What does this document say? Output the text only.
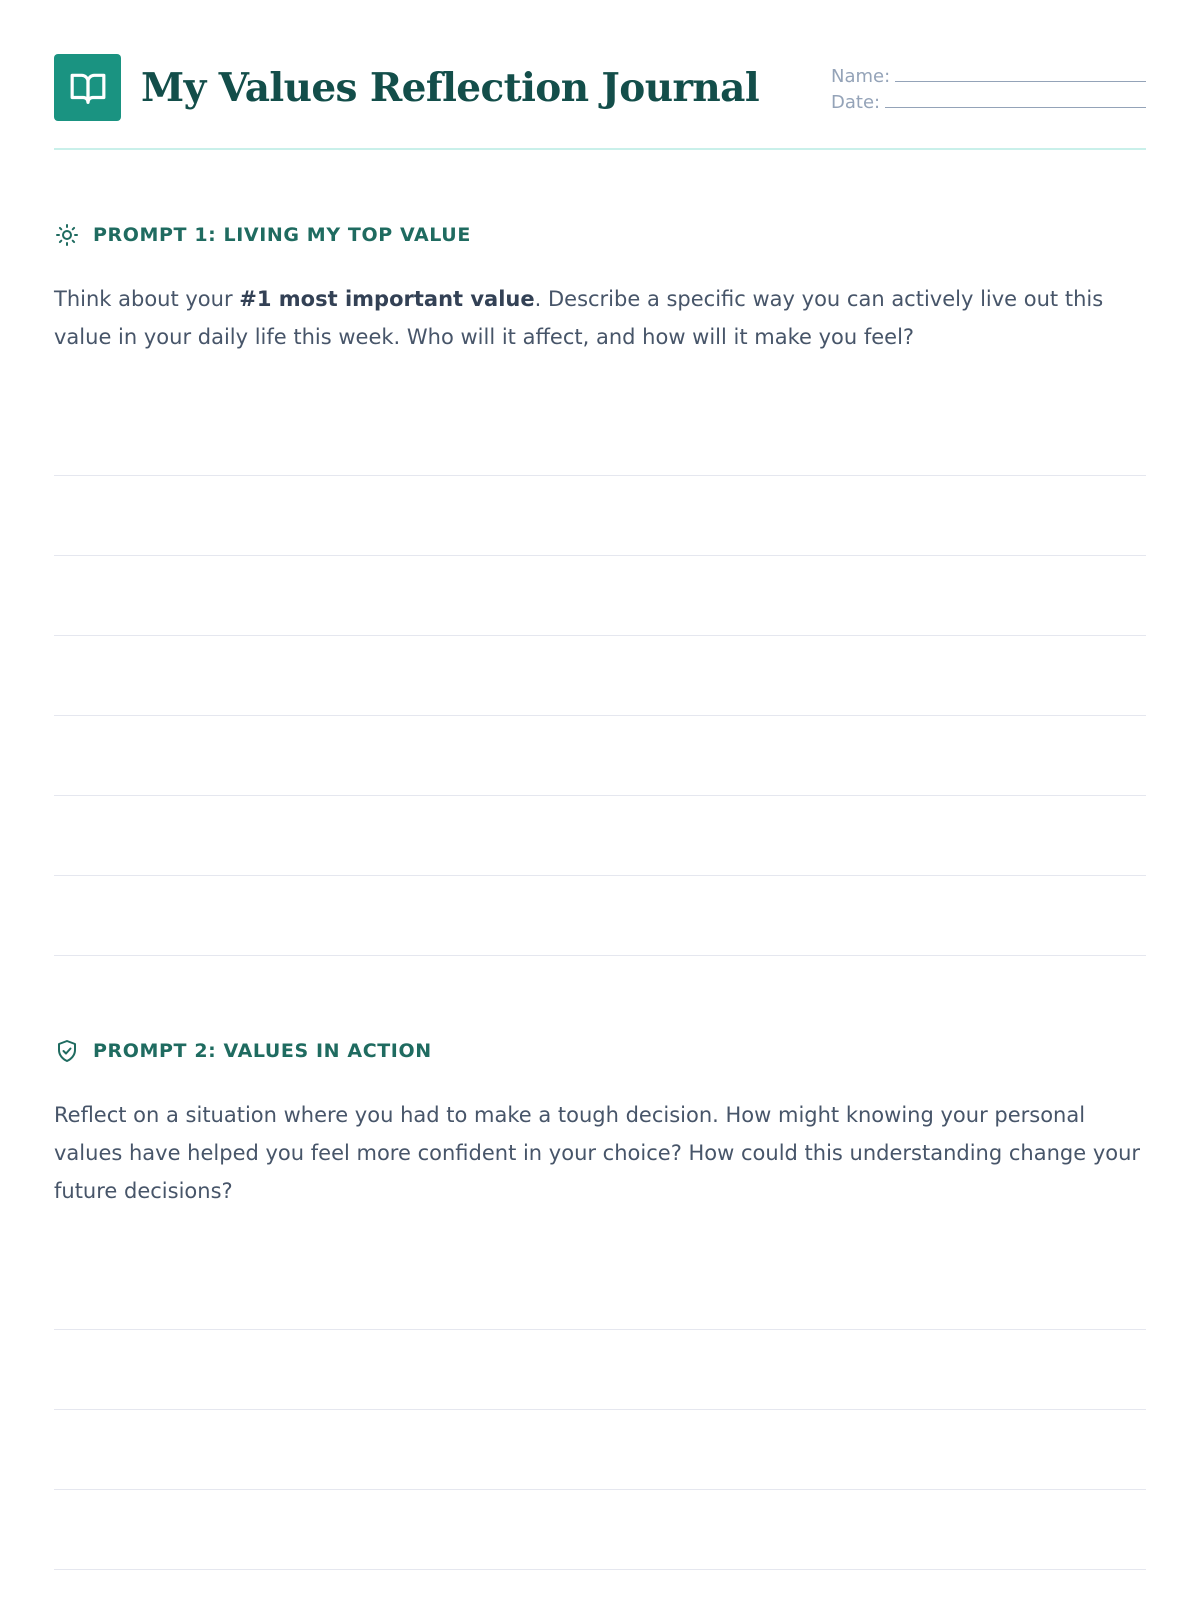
My Values Reflection Journal	Name:
Date:
PROMPT 1: LIVING MY TOP VALUE

Think about your #1 most important value. Describe a specific way you can actively live out this value in your daily life this week. Who will it affect, and how will it make you feel?

PROMPT 2: VALUES IN ACTION

Reflect on a situation where you had to make a tough decision. How might knowing your personal values have helped you feel more confident in your choice? How could this understanding change your future decisions?
